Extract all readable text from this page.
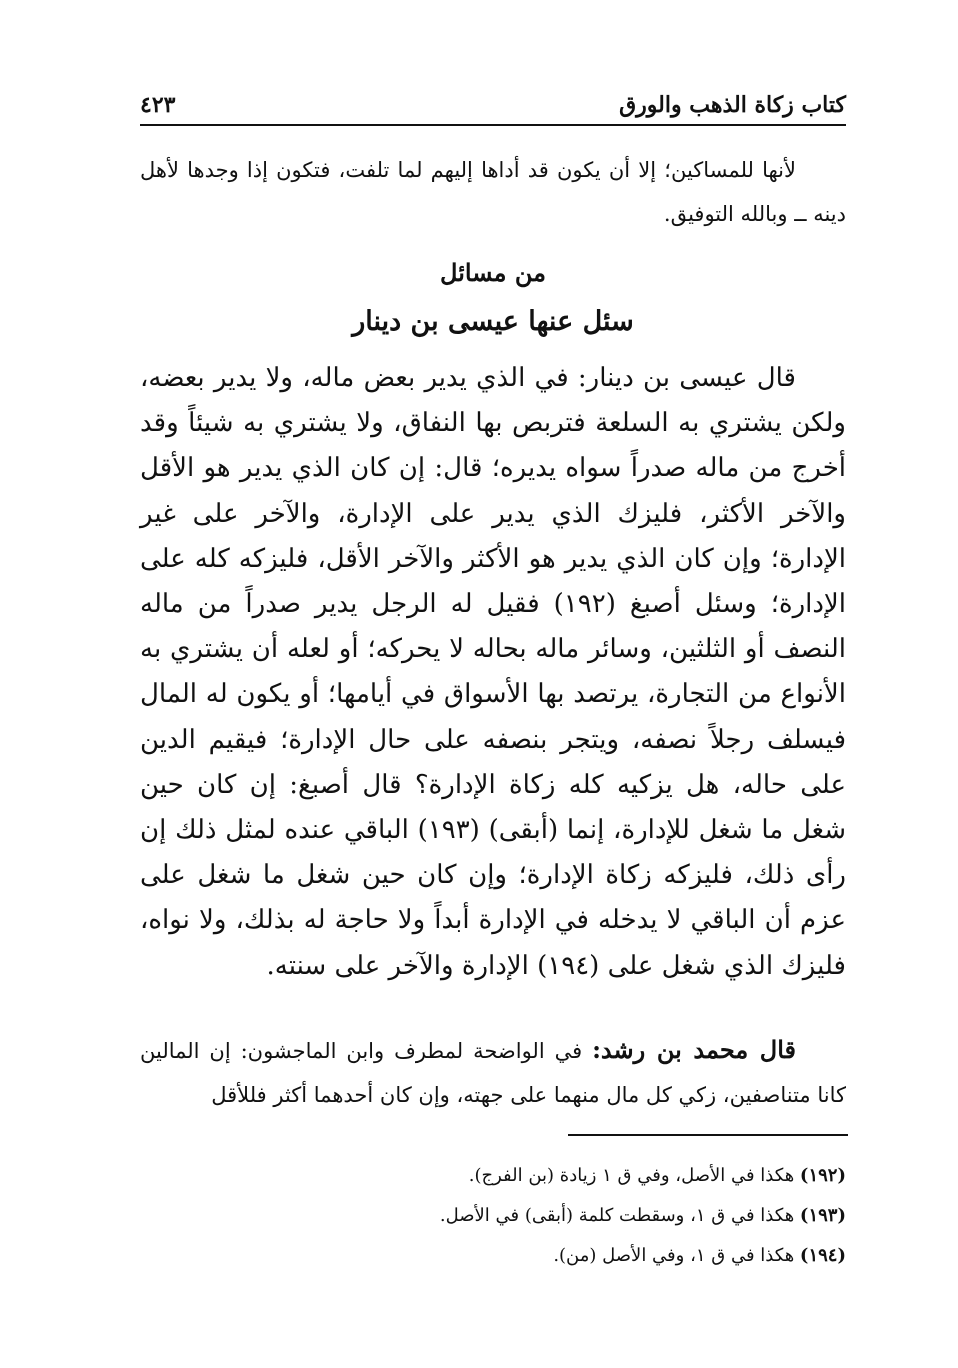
كتاب زكاة الذهب والورق
٤٢٣

لأنها للمساكين؛ إلا أن يكون قد أداها إليهم لما تلفت، فتكون إذا وجدها لأهل دينه ــ وبالله التوفيق.

من مسائل
سئل عنها عيسى بن دينار

قال عيسى بن دينار: في الذي يدير بعض ماله، ولا يدير بعضه، ولكن يشتري به السلعة فتربص بها النفاق، ولا يشتري به شيئاً وقد أخرج من ماله صدراً سواه يديره؛ قال: إن كان الذي يدير هو الأقل والآخر الأكثر، فليزك الذي يدير على الإدارة، والآخر على غير الإدارة؛ وإن كان الذي يدير هو الأكثر والآخر الأقل، فليزكه كله على الإدارة؛ وسئل أصبغ (١٩٢) فقيل له الرجل يدير صدراً من ماله النصف أو الثلثين، وسائر ماله بحاله لا يحركه؛ أو لعله أن يشتري به الأنواع من التجارة، يرتصد بها الأسواق في أيامها؛ أو يكون له المال فيسلف رجلاً نصفه، ويتجر بنصفه على حال الإدارة؛ فيقيم الدين على حاله، هل يزكيه كله زكاة الإدارة؟ قال أصبغ: إن كان حين شغل ما شغل للإدارة، إنما (أبقى) (١٩٣) الباقي عنده لمثل ذلك إن رأى ذلك، فليزكه زكاة الإدارة؛ وإن كان حين شغل ما شغل على عزم أن الباقي لا يدخله في الإدارة أبداً ولا حاجة له بذلك، ولا نواه، فليزك الذي شغل على (١٩٤) الإدارة والآخر على سنته.

قال محمد بن رشد: في الواضحة لمطرف وابن الماجشون: إن المالين كانا متناصفين، زكي كل مال منهما على جهته، وإن كان أحدهما أكثر فللأقل

(١٩٢) هكذا في الأصل، وفي ق ١ زيادة (بن الفرج).

(١٩٣) هكذا في ق ١، وسقطت كلمة (أبقى) في الأصل.

(١٩٤) هكذا في ق ١، وفي الأصل (من).
